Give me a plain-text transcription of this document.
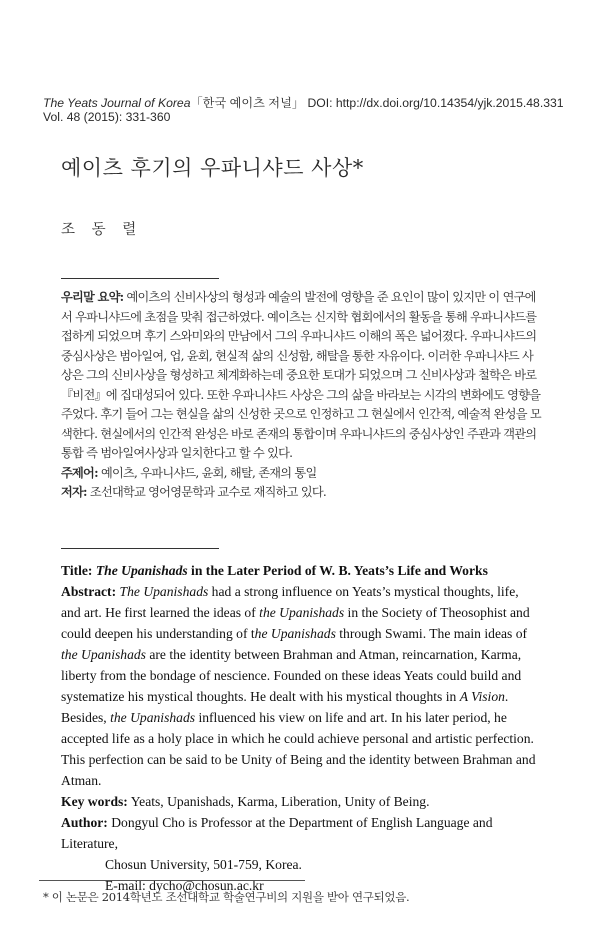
The Yeats Journal of Korea「한국 예이츠 저널」 DOI: http://dx.doi.org/10.14354/yjk.2015.48.331
Vol. 48 (2015): 331-360
예이츠 후기의 우파니샤드 사상*
조 동 렬

우리말 요약: 예이츠의 신비사상의 형성과 예술의 발전에 영향을 준 요인이 많이 있지만 이 연구에서 우파니샤드에 초점을 맞춰 접근하였다. 예이츠는 신지학 협회에서의 활동을 통해 우파니샤드를 접하게 되었으며 후기 스와미와의 만남에서 그의 우파니샤드 이해의 폭은 넓어졌다. 우파니샤드의 중심사상은 범아일여, 업, 윤회, 현실적 삶의 신성함, 해탈을 통한 자유이다. 이러한 우파니샤드 사상은 그의 신비사상을 형성하고 체계화하는데 중요한 토대가 되었으며 그 신비사상과 철학은 바로 『비전』에 집대성되어 있다. 또한 우파니샤드 사상은 그의 삶을 바라보는 시각의 변화에도 영향을 주었다. 후기 들어 그는 현실을 삶의 신성한 곳으로 인정하고 그 현실에서 인간적, 예술적 완성을 모색한다. 현실에서의 인간적 완성은 바로 존재의 통합이며 우파니샤드의 중심사상인 주관과 객관의 통합 즉 범아일여사상과 일치한다고 할 수 있다.

주제어: 예이츠, 우파니샤드, 윤회, 해탈, 존재의 통일

저자: 조선대학교 영어영문학과 교수로 재직하고 있다.

Title: The Upanishads in the Later Period of W. B. Yeats’s Life and Works

Abstract: The Upanishads had a strong influence on Yeats’s mystical thoughts, life, and art. He first learned the ideas of the Upanishads in the Society of Theosophist and could deepen his understanding of the Upanishads through Swami. The main ideas of the Upanishads are the identity between Brahman and Atman, reincarnation, Karma, liberty from the bondage of nescience. Founded on these ideas Yeats could build and systematize his mystical thoughts. He dealt with his mystical thoughts in A Vision. Besides, the Upanishads influenced his view on life and art. In his later period, he accepted life as a holy place in which he could achieve personal and artistic perfection. This perfection can be said to be Unity of Being and the identity between Brahman and Atman.

Key words: Yeats, Upanishads, Karma, Liberation, Unity of Being.

Author: Dongyul Cho is Professor at the Department of English Language and Literature,

Chosun University, 501-759, Korea.

E-mail: dycho@chosun.ac.kr

* 이 논문은 2014학년도 조선대학교 학술연구비의 지원을 받아 연구되었음.
